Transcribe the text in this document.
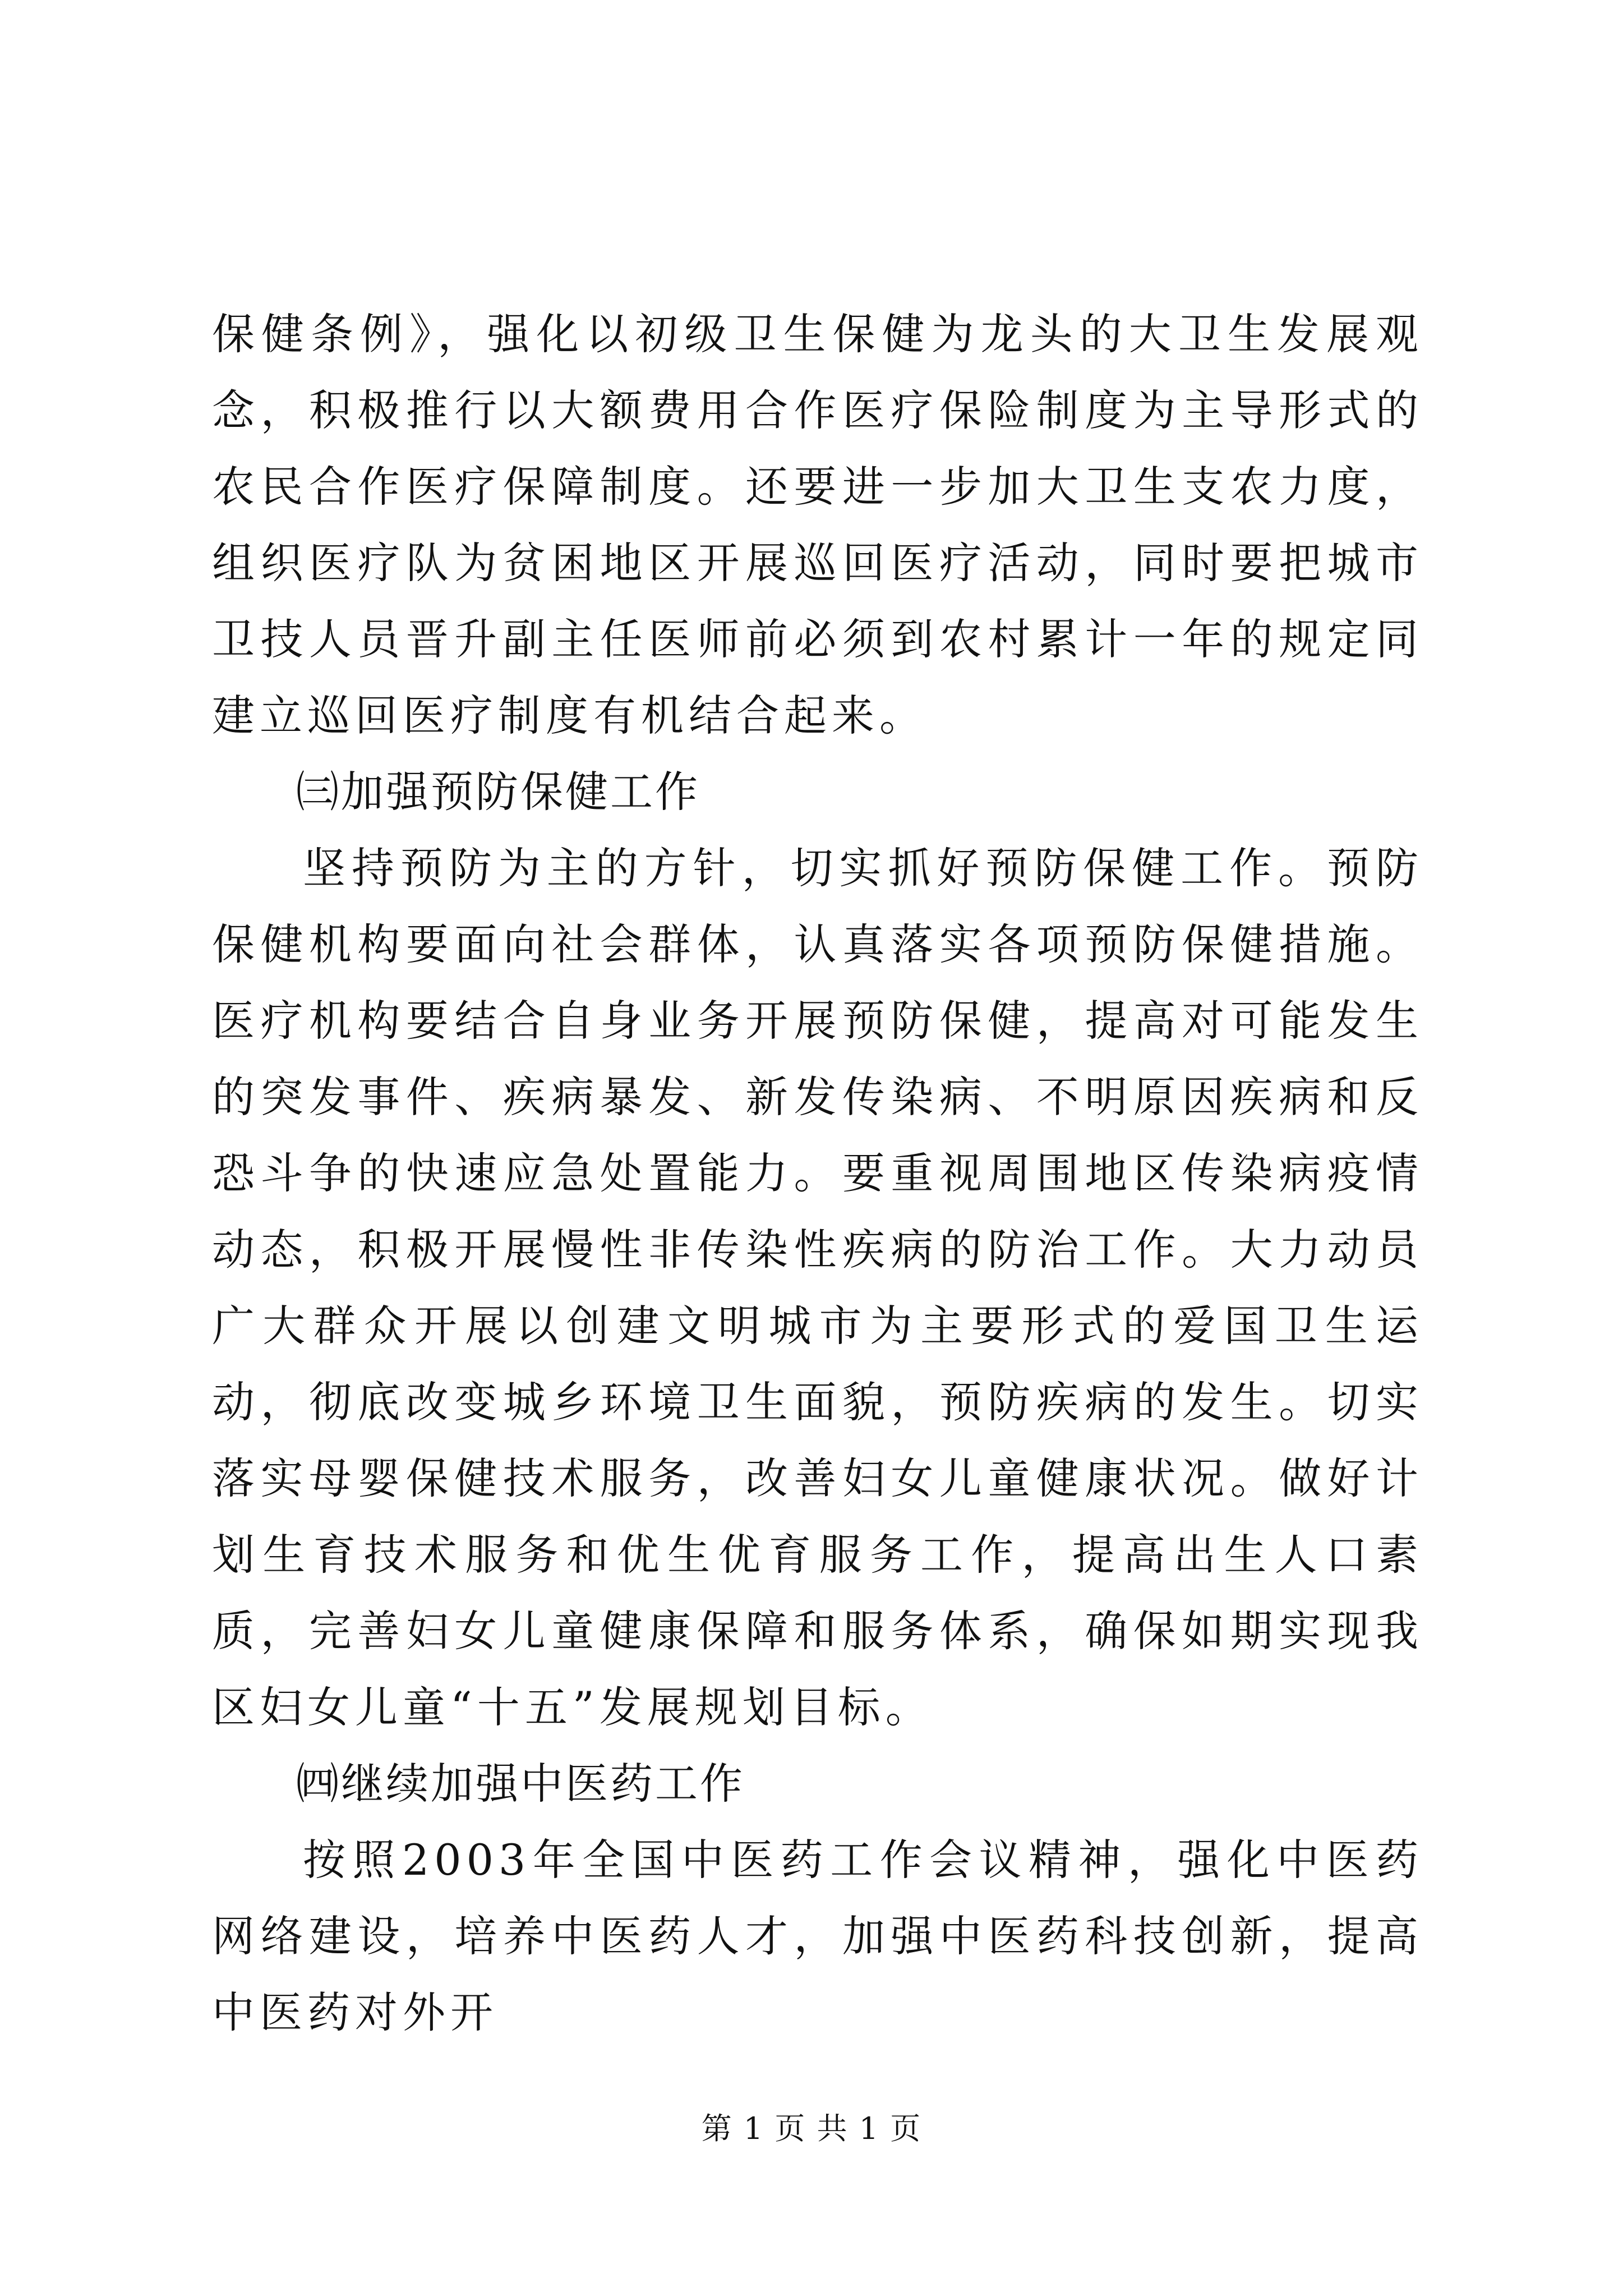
保健条例》，强化以初级卫生保健为龙头的大卫生发展观念，积极推行以大额费用合作医疗保险制度为主导形式的农民合作医疗保障制度。还要进一步加大卫生支农力度，组织医疗队为贫困地区开展巡回医疗活动，同时要把城市卫技人员晋升副主任医师前必须到农村累计一年的规定同建立巡回医疗制度有机结合起来。

㈢加强预防保健工作

坚持预防为主的方针，切实抓好预防保健工作。预防保健机构要面向社会群体，认真落实各项预防保健措施。医疗机构要结合自身业务开展预防保健，提高对可能发生的突发事件、疾病暴发、新发传染病、不明原因疾病和反恐斗争的快速应急处置能力。要重视周围地区传染病疫情动态，积极开展慢性非传染性疾病的防治工作。大力动员广大群众开展以创建文明城市为主要形式的爱国卫生运动，彻底改变城乡环境卫生面貌，预防疾病的发生。切实落实母婴保健技术服务，改善妇女儿童健康状况。做好计划生育技术服务和优生优育服务工作，提高出生人口素质，完善妇女儿童健康保障和服务体系，确保如期实现我区妇女儿童“十五”发展规划目标。

㈣继续加强中医药工作

按照2003年全国中医药工作会议精神，强化中医药网络建设，培养中医药人才，加强中医药科技创新，提高中医药对外开

第 1 页 共 1 页
